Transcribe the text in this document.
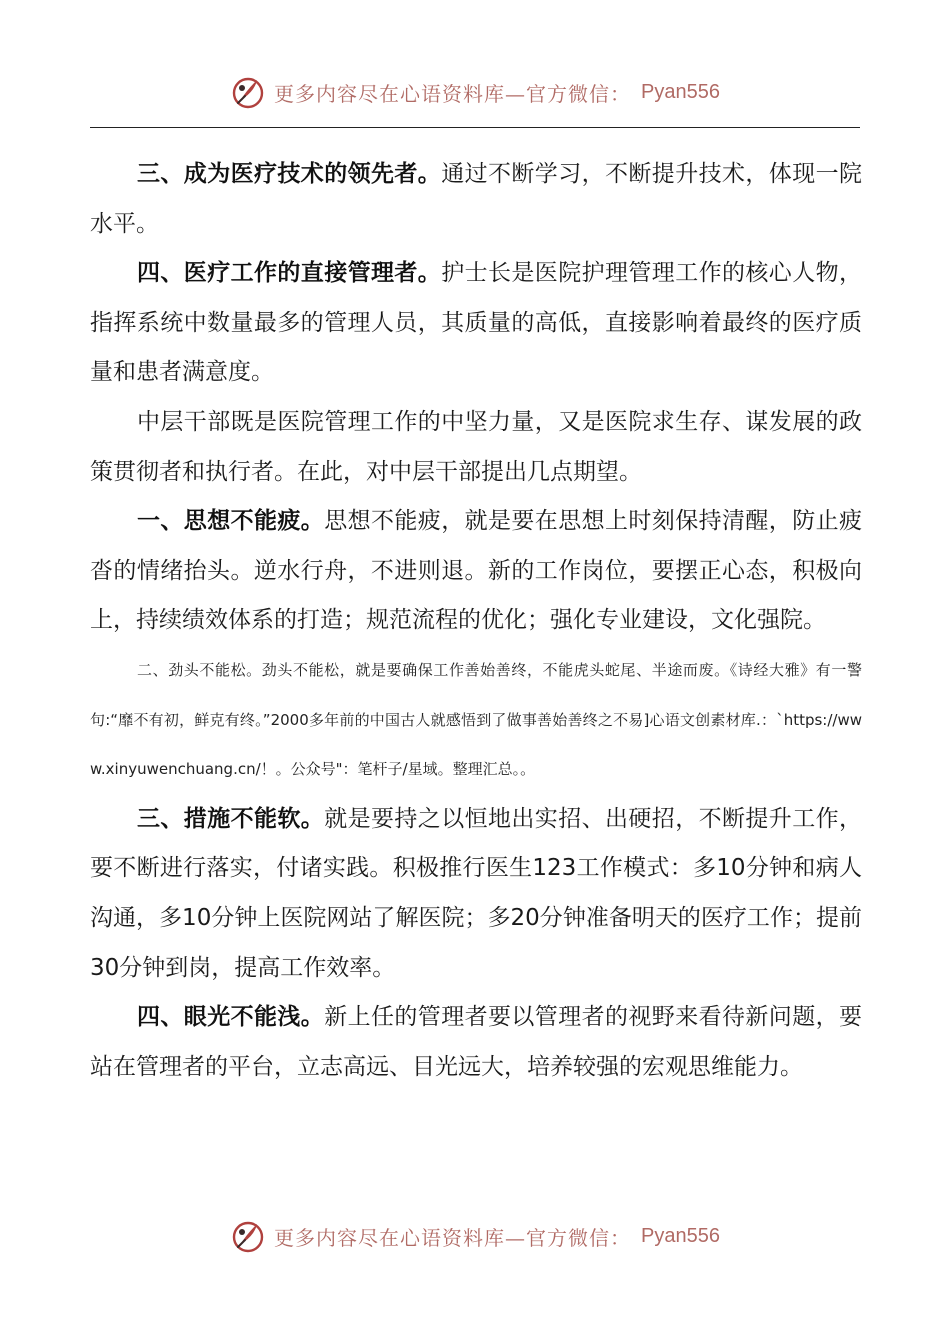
更多内容尽在心语资料库—官方微信： Pyan556

三、成为医疗技术的领先者。通过不断学习，不断提升技术，体现一院水平。

四、医疗工作的直接管理者。护士长是医院护理管理工作的核心人物，指挥系统中数量最多的管理人员，其质量的高低，直接影响着最终的医疗质量和患者满意度。

中层干部既是医院管理工作的中坚力量，又是医院求生存、谋发展的政策贯彻者和执行者。在此，对中层干部提出几点期望。

一、思想不能疲。思想不能疲，就是要在思想上时刻保持清醒，防止疲沓的情绪抬头。逆水行舟，不进则退。新的工作岗位，要摆正心态，积极向上，持续绩效体系的打造；规范流程的优化；强化专业建设，文化强院。

二、劲头不能松。劲头不能松，就是要确保工作善始善终，不能虎头蛇尾、半途而废。《诗经大雅》有一警句:“靡不有初，鲜克有终。”2000多年前的中国古人就感悟到了做事善始善终之不易]心语文创素材库.：`https://www.xinyuwenchuang.cn/！。公众号"：笔杆子/星域。整理汇总。。

三、措施不能软。就是要持之以恒地出实招、出硬招，不断提升工作，要不断进行落实，付诸实践。积极推行医生123工作模式：多10分钟和病人沟通，多10分钟上医院网站了解医院；多20分钟准备明天的医疗工作；提前30分钟到岗，提高工作效率。

四、眼光不能浅。新上任的管理者要以管理者的视野来看待新问题，要站在管理者的平台，立志高远、目光远大，培养较强的宏观思维能力。

更多内容尽在心语资料库—官方微信： Pyan556
